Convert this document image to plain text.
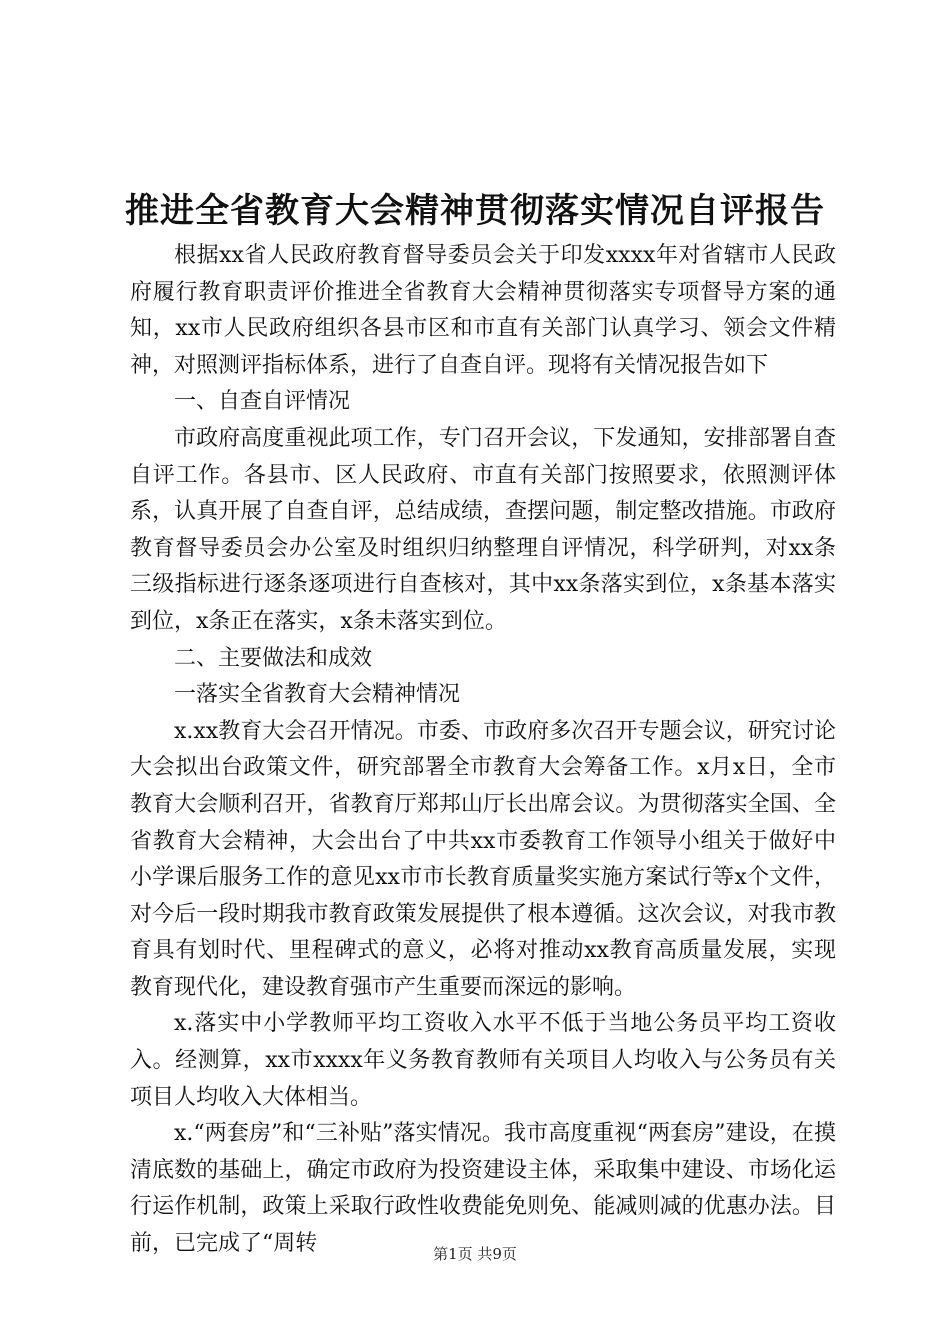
推进全省教育大会精神贯彻落实情况自评报告

根据xx省人民政府教育督导委员会关于印发xxxx年对省辖市人民政府履行教育职责评价推进全省教育大会精神贯彻落实专项督导方案的通知，xx市人民政府组织各县市区和市直有关部门认真学习、领会文件精神，对照测评指标体系，进行了自查自评。现将有关情况报告如下

一、自查自评情况

市政府高度重视此项工作，专门召开会议，下发通知，安排部署自查自评工作。各县市、区人民政府、市直有关部门按照要求，依照测评体系，认真开展了自查自评，总结成绩，查摆问题，制定整改措施。市政府教育督导委员会办公室及时组织归纳整理自评情况，科学研判，对xx条三级指标进行逐条逐项进行自查核对，其中xx条落实到位，x条基本落实到位，x条正在落实，x条未落实到位。

二、主要做法和成效

一落实全省教育大会精神情况

x.xx教育大会召开情况。市委、市政府多次召开专题会议，研究讨论大会拟出台政策文件，研究部署全市教育大会筹备工作。x月x日，全市教育大会顺利召开，省教育厅郑邦山厅长出席会议。为贯彻落实全国、全省教育大会精神，大会出台了中共xx市委教育工作领导小组关于做好中小学课后服务工作的意见xx市市长教育质量奖实施方案试行等x个文件，对今后一段时期我市教育政策发展提供了根本遵循。这次会议，对我市教育具有划时代、里程碑式的意义，必将对推动xx教育高质量发展，实现教育现代化，建设教育强市产生重要而深远的影响。

x.落实中小学教师平均工资收入水平不低于当地公务员平均工资收入。经测算，xx市xxxx年义务教育教师有关项目人均收入与公务员有关项目人均收入大体相当。

x.“两套房”和“三补贴”落实情况。我市高度重视“两套房”建设，在摸清底数的基础上，确定市政府为投资建设主体，采取集中建设、市场化运行运作机制，政策上采取行政性收费能免则免、能减则减的优惠办法。目前，已完成了“周转	第1页 共9页
